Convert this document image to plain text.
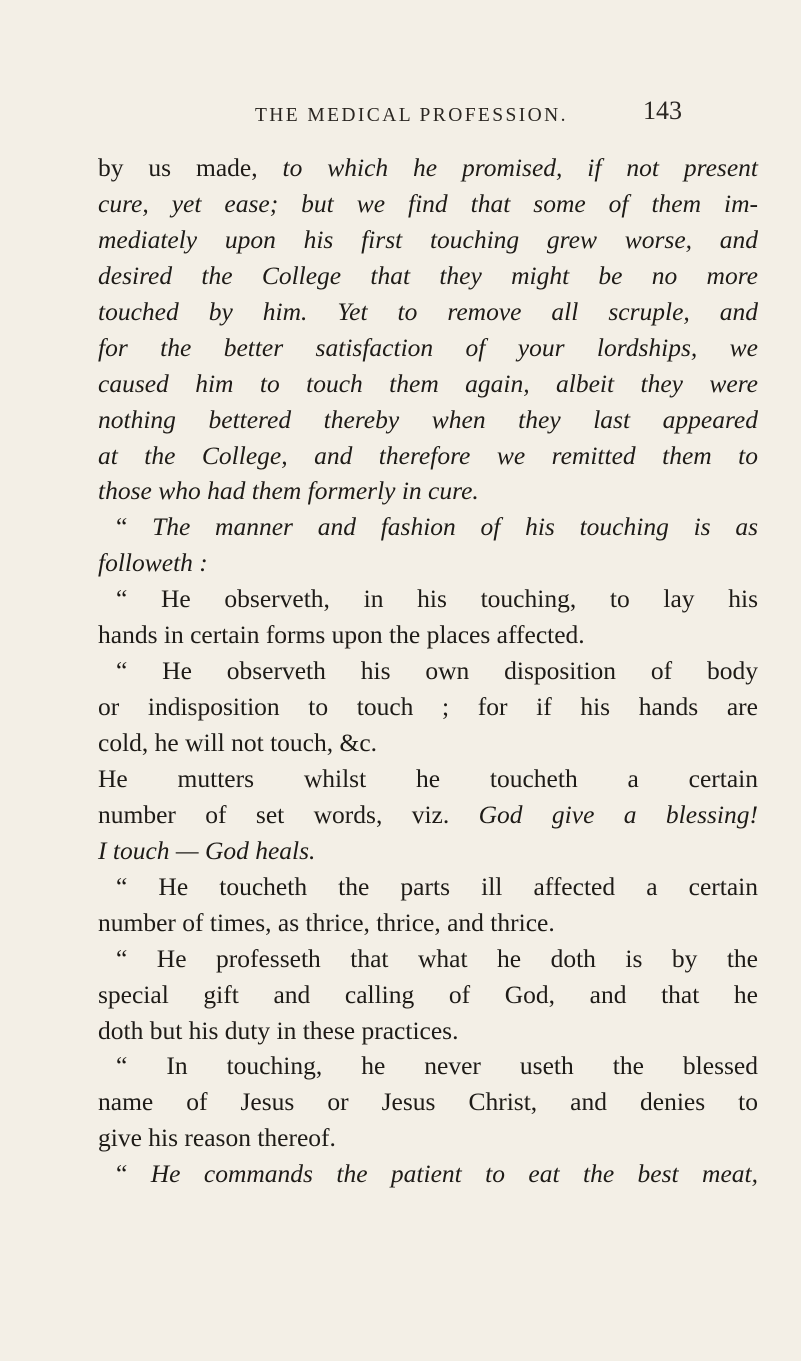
THE MEDICAL PROFESSION.	143
by us made, to which he promised, if not present
cure, yet ease; but we find that some of them im-
mediately upon his first touching grew worse, and
desired the College that they might be no more
touched by him. Yet to remove all scruple, and
for the better satisfaction of your lordships, we
caused him to touch them again, albeit they were
nothing bettered thereby when they last appeared
at the College, and therefore we remitted them to
those who had them formerly in cure.
“ The manner and fashion of his touching is as
followeth :
“ He observeth, in his touching, to lay his
hands in certain forms upon the places affected.
“ He observeth his own disposition of body
or indisposition to touch ; for if his hands are
cold, he will not touch, &c.
He mutters whilst he toucheth a certain
number of set words, viz. God give a blessing!
I touch — God heals.
“ He toucheth the parts ill affected a certain
number of times, as thrice, thrice, and thrice.
“ He professeth that what he doth is by the
special gift and calling of God, and that he
doth but his duty in these practices.
“ In touching, he never useth the blessed
name of Jesus or Jesus Christ, and denies to
give his reason thereof.
“ He commands the patient to eat the best meat,
